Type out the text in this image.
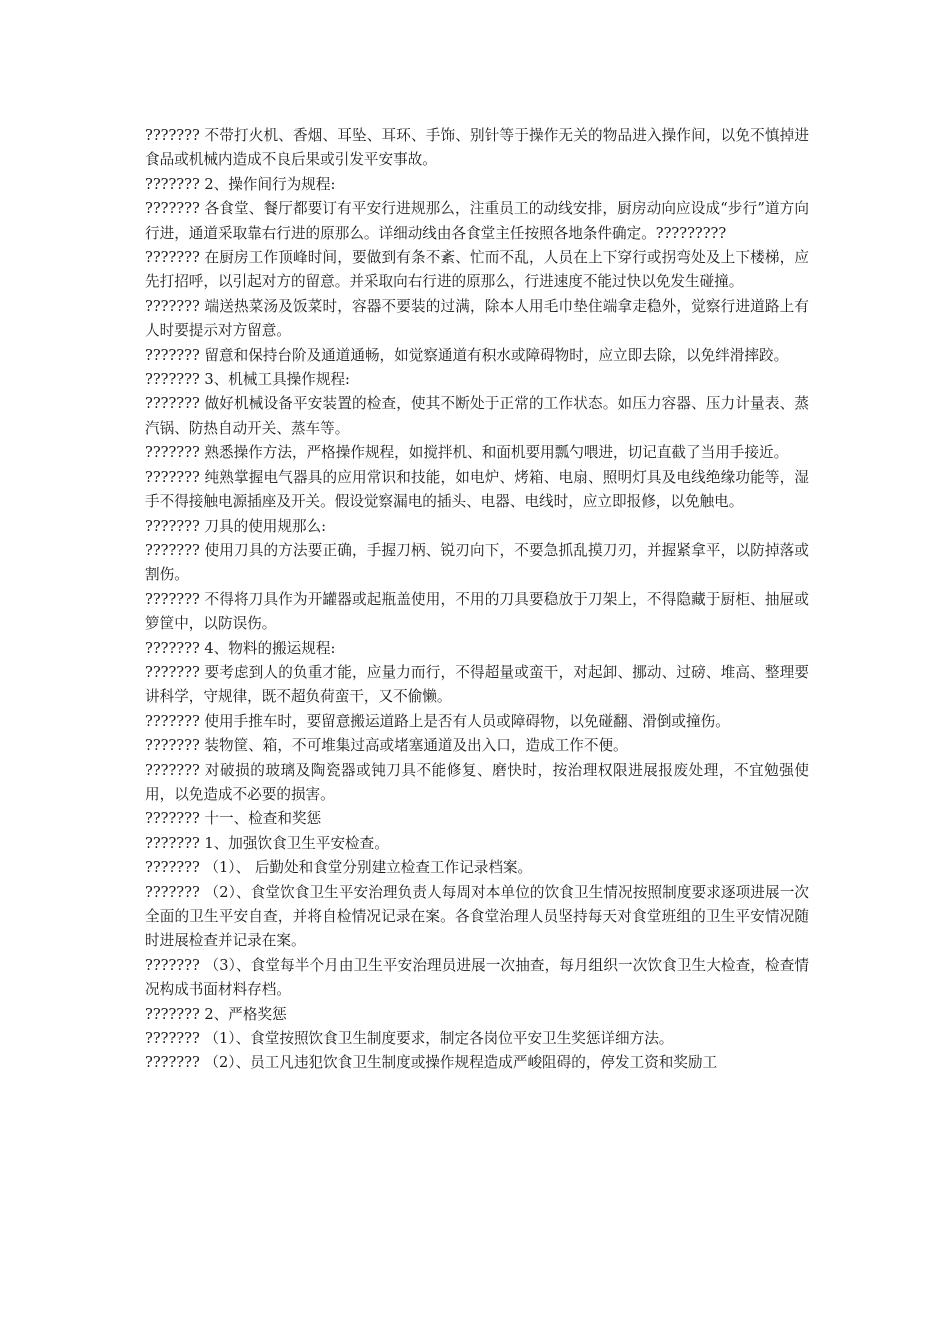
??????? 不带打火机、香烟、耳坠、耳环、手饰、别针等于操作无关的物品进入操作间，以免不慎掉进食品或机械内造成不良后果或引发平安事故。

??????? 2、操作间行为规程:

??????? 各食堂、餐厅都要订有平安行进规那么，注重员工的动线安排，厨房动向应设成“步行”道方向行进，通道采取靠右行进的原那么。详细动线由各食堂主任按照各地条件确定。?????????

??????? 在厨房工作顶峰时间，要做到有条不紊、忙而不乱，人员在上下穿行或拐弯处及上下楼梯，应先打招呼，以引起对方的留意。并采取向右行进的原那么，行进速度不能过快以免发生碰撞。

??????? 端送热菜汤及饭菜时，容器不要装的过满，除本人用毛巾垫住端拿走稳外，觉察行进道路上有人时要提示对方留意。

??????? 留意和保持台阶及通道通畅，如觉察通道有积水或障碍物时，应立即去除，以免绊滑摔跤。

??????? 3、机械工具操作规程:

??????? 做好机械设备平安装置的检查，使其不断处于正常的工作状态。如压力容器、压力计量表、蒸汽锅、防热自动开关、蒸车等。

??????? 熟悉操作方法，严格操作规程，如搅拌机、和面机要用瓢勺喂进，切记直截了当用手接近。

??????? 纯熟掌握电气器具的应用常识和技能，如电炉、烤箱、电扇、照明灯具及电线绝缘功能等，湿手不得接触电源插座及开关。假设觉察漏电的插头、电器、电线时，应立即报修，以免触电。

??????? 刀具的使用规那么:

??????? 使用刀具的方法要正确，手握刀柄、锐刃向下，不要急抓乱摸刀刃，并握紧拿平，以防掉落或割伤。

??????? 不得将刀具作为开罐器或起瓶盖使用，不用的刀具要稳放于刀架上，不得隐藏于厨柜、抽屉或箩筐中，以防误伤。

??????? 4、物料的搬运规程:

??????? 要考虑到人的负重才能，应量力而行，不得超量或蛮干，对起卸、挪动、过磅、堆高、整理要讲科学，守规律，既不超负荷蛮干，又不偷懒。

??????? 使用手推车时，要留意搬运道路上是否有人员或障碍物，以免碰翻、滑倒或撞伤。

??????? 装物筐、箱，不可堆集过高或堵塞通道及出入口，造成工作不便。

??????? 对破损的玻璃及陶瓷器或钝刀具不能修复、磨快时，按治理权限进展报废处理，不宜勉强使用，以免造成不必要的损害。

??????? 十一、检查和奖惩

??????? 1、加强饮食卫生平安检查。

??????? （1）、 后勤处和食堂分别建立检查工作记录档案。

??????? （2）、食堂饮食卫生平安治理负责人每周对本单位的饮食卫生情况按照制度要求逐项进展一次全面的卫生平安自查，并将自检情况记录在案。各食堂治理人员坚持每天对食堂班组的卫生平安情况随时进展检查并记录在案。

??????? （3）、食堂每半个月由卫生平安治理员进展一次抽查，每月组织一次饮食卫生大检查，检查情况构成书面材料存档。

??????? 2、严格奖惩

??????? （1）、食堂按照饮食卫生制度要求，制定各岗位平安卫生奖惩详细方法。

??????? （2）、员工凡违犯饮食卫生制度或操作规程造成严峻阻碍的，停发工资和奖励工
